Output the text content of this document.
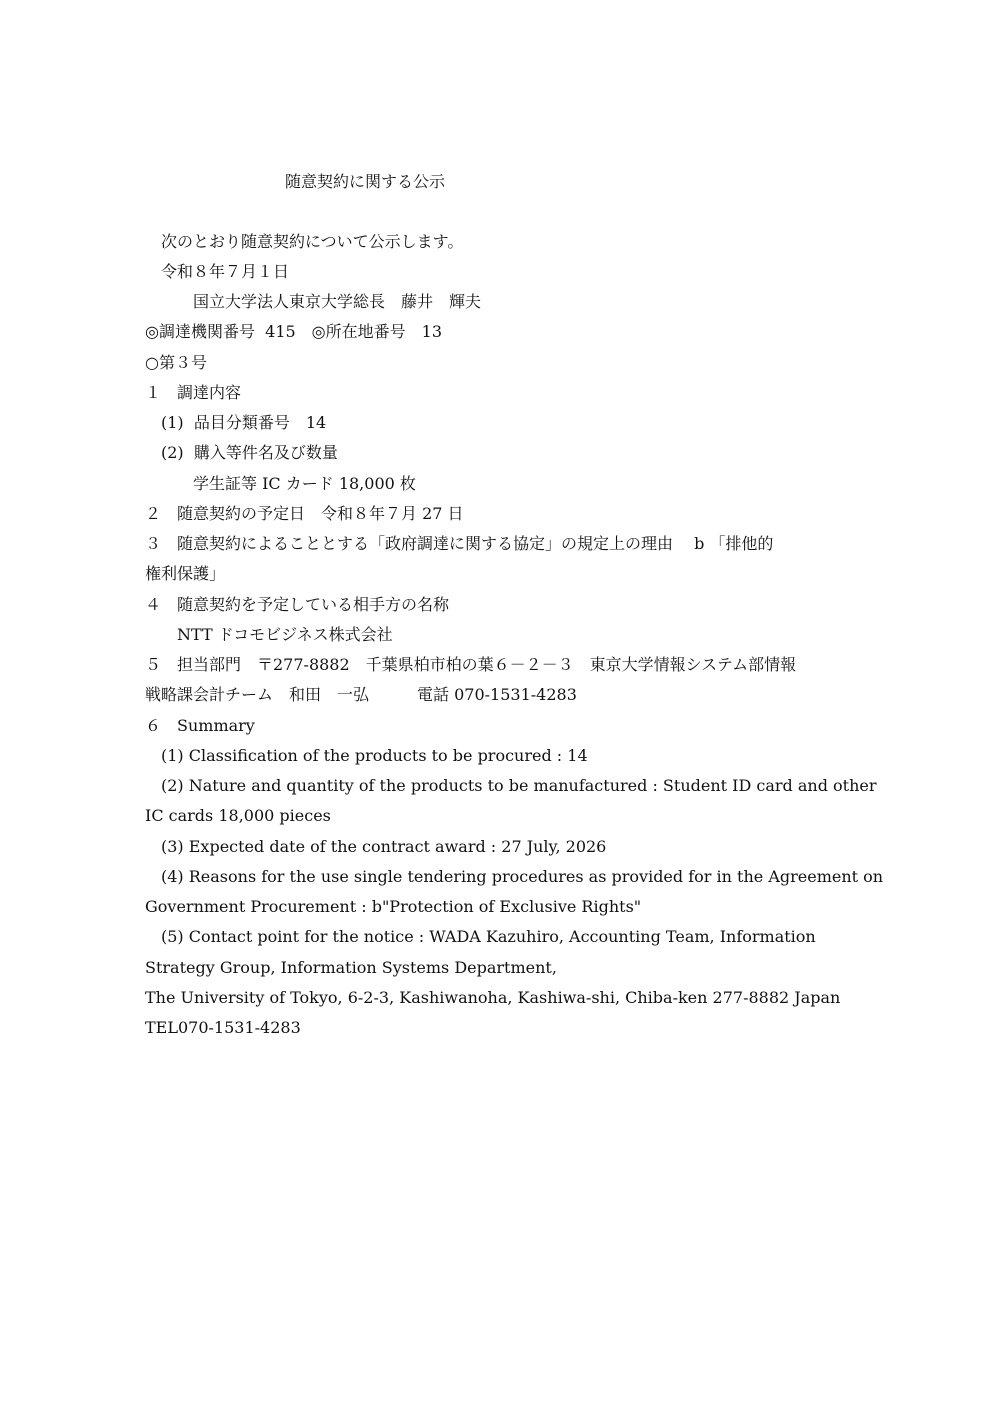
随意契約に関する公示
　次のとおり随意契約について公示します。
　令和８年７月１日
　　　国立大学法人東京大学総長　藤井　輝夫
◎調達機関番号  415　◎所在地番号　13
○第３号
１　調達内容
　(1)  品目分類番号　14
　(2)  購入等件名及び数量
　　　学生証等 IC カード 18,000 枚
２　随意契約の予定日　令和８年７月 27 日
３　随意契約によることとする「政府調達に関する協定」の規定上の理由　 b 「排他的
権利保護」
４　随意契約を予定している相手方の名称
　　NTT ドコモビジネス株式会社
５　担当部門　〒277-8882　千葉県柏市柏の葉６－２－３　東京大学情報システム部情報
戦略課会計チーム　和田　一弘　　　電話 070-1531-4283
６　Summary
　(1) Classification of the products to be procured : 14
　(2) Nature and quantity of the products to be manufactured : Student ID card and other
IC cards 18,000 pieces
　(3) Expected date of the contract award : 27 July, 2026
　(4) Reasons for the use single tendering procedures as provided for in the Agreement on
Government Procurement : b"Protection of Exclusive Rights"
　(5) Contact point for the notice : WADA Kazuhiro, Accounting Team, Information
Strategy Group, Information Systems Department,
The University of Tokyo, 6-2-3, Kashiwanoha, Kashiwa-shi, Chiba-ken 277-8882 Japan
TEL070-1531-4283
